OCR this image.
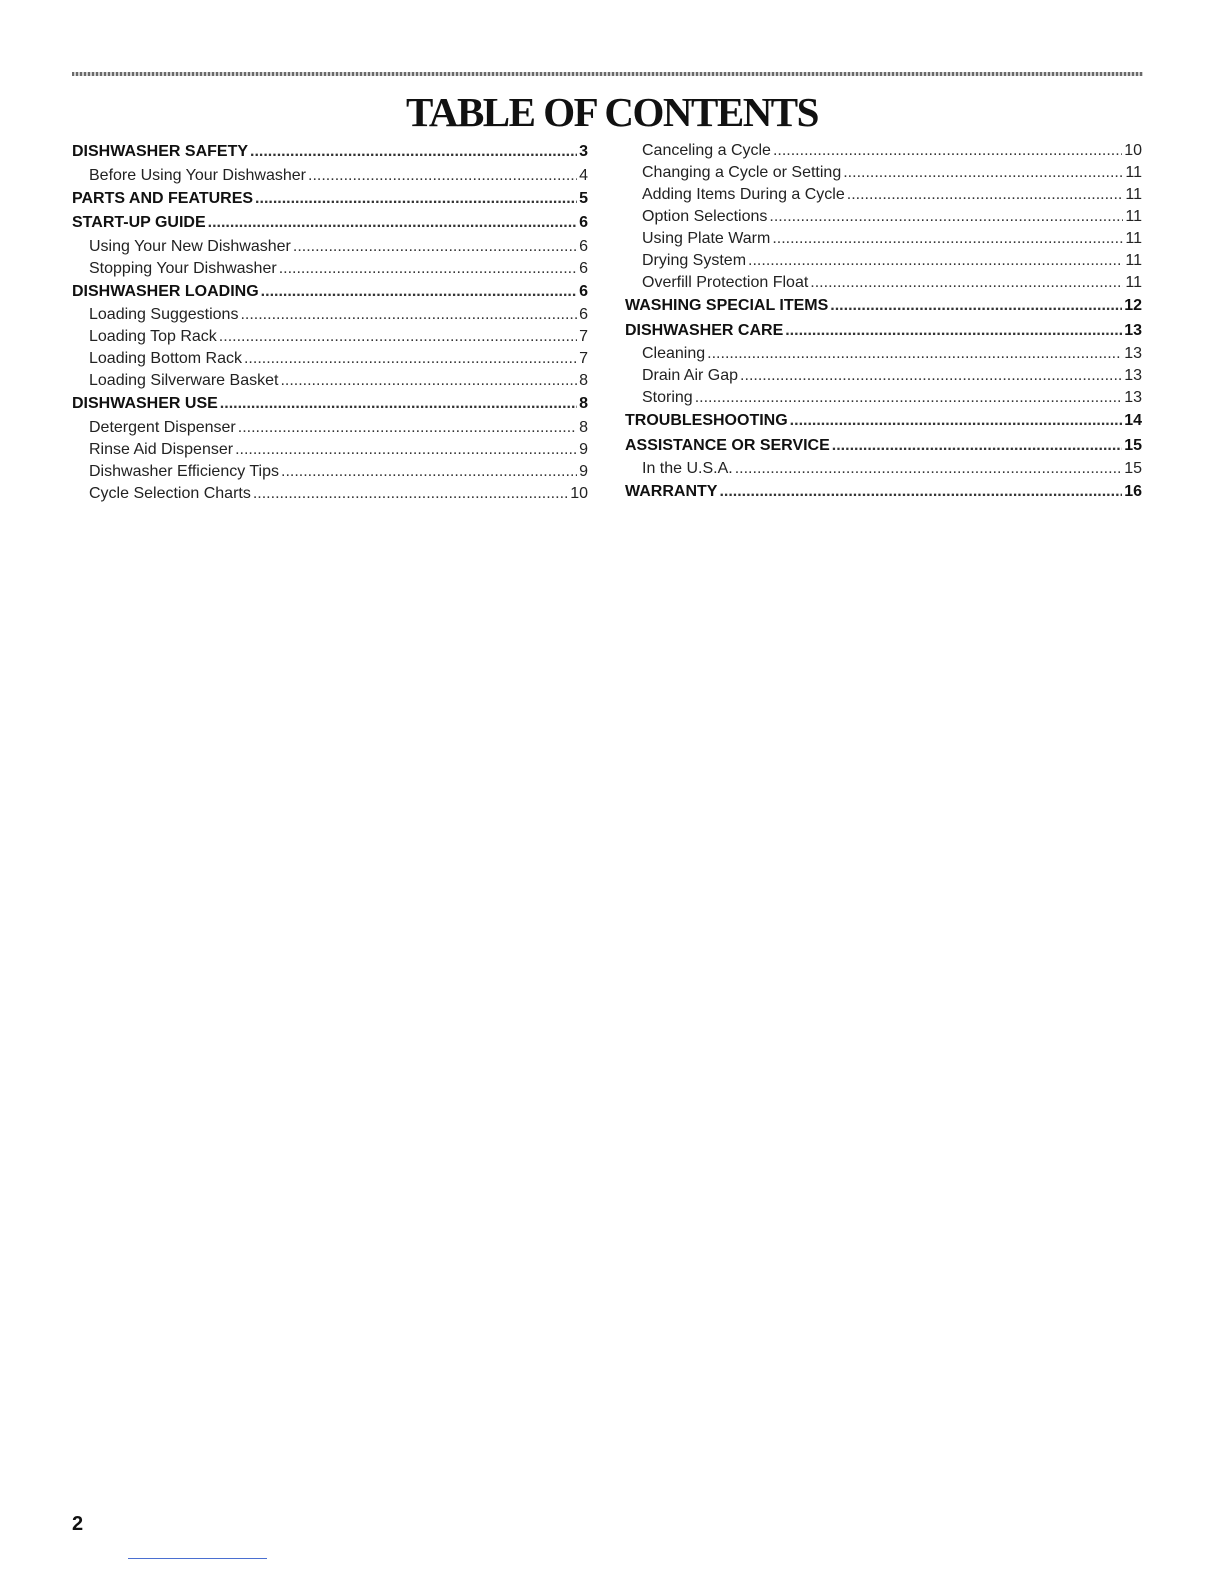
TABLE OF CONTENTS
DISHWASHER SAFETY .....	3
Before Using Your Dishwasher .....	4
PARTS AND FEATURES .....	5
START-UP GUIDE .....	6
Using Your New Dishwasher .....	6
Stopping Your Dishwasher .....	6
DISHWASHER LOADING .....	6
Loading Suggestions .....	6
Loading Top Rack .....	7
Loading Bottom Rack .....	7
Loading Silverware Basket .....	8
DISHWASHER USE .....	8
Detergent Dispenser .....	8
Rinse Aid Dispenser .....	9
Dishwasher Efficiency Tips .....	9
Cycle Selection Charts .....	10
Canceling a Cycle .....	10
Changing a Cycle or Setting .....	11
Adding Items During a Cycle .....	11
Option Selections .....	11
Using Plate Warm .....	11
Drying System .....	11
Overfill Protection Float .....	11
WASHING SPECIAL ITEMS .....	12
DISHWASHER CARE .....	13
Cleaning .....	13
Drain Air Gap .....	13
Storing .....	13
TROUBLESHOOTING .....	14
ASSISTANCE OR SERVICE .....	15
In the U.S.A. .....	15
WARRANTY .....	16
2
